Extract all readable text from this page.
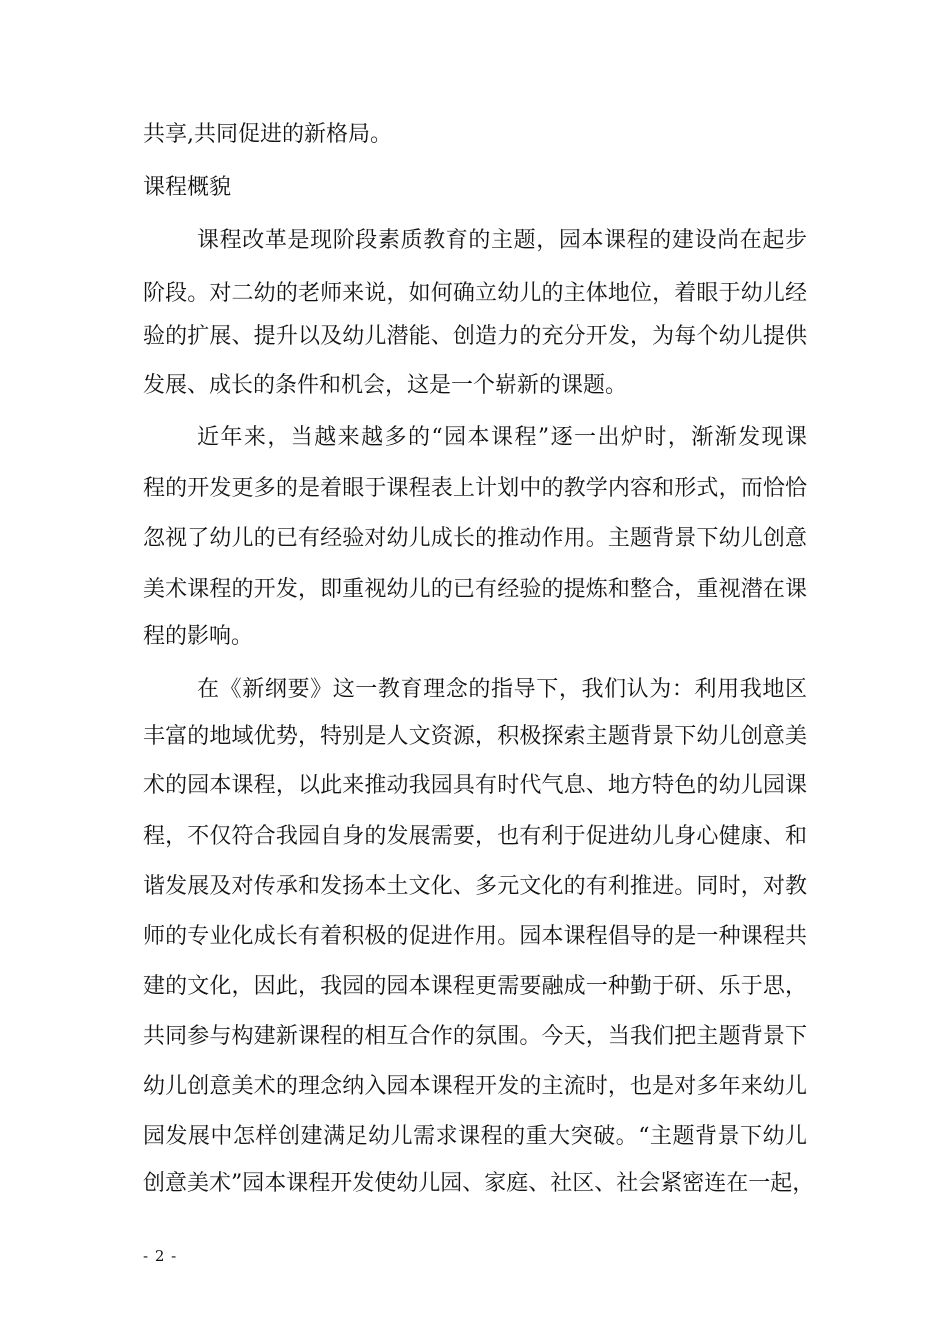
共享,共同促进的新格局。
课程概貌
课程改革是现阶段素质教育的主题，园本课程的建设尚在起步
阶段。对二幼的老师来说，如何确立幼儿的主体地位，着眼于幼儿经
验的扩展、提升以及幼儿潜能、创造力的充分开发，为每个幼儿提供
发展、成长的条件和机会，这是一个崭新的课题。
近年来，当越来越多的“园本课程”逐一出炉时，渐渐发现课
程的开发更多的是着眼于课程表上计划中的教学内容和形式，而恰恰
忽视了幼儿的已有经验对幼儿成长的推动作用。主题背景下幼儿创意
美术课程的开发，即重视幼儿的已有经验的提炼和整合，重视潜在课
程的影响。
在《新纲要》这一教育理念的指导下，我们认为：利用我地区
丰富的地域优势，特别是人文资源，积极探索主题背景下幼儿创意美
术的园本课程，以此来推动我园具有时代气息、地方特色的幼儿园课
程，不仅符合我园自身的发展需要，也有利于促进幼儿身心健康、和
谐发展及对传承和发扬本土文化、多元文化的有利推进。同时，对教
师的专业化成长有着积极的促进作用。园本课程倡导的是一种课程共
建的文化，因此，我园的园本课程更需要融成一种勤于研、乐于思，
共同参与构建新课程的相互合作的氛围。今天，当我们把主题背景下
幼儿创意美术的理念纳入园本课程开发的主流时，也是对多年来幼儿
园发展中怎样创建满足幼儿需求课程的重大突破。“主题背景下幼儿
创意美术”园本课程开发使幼儿园、家庭、社区、社会紧密连在一起，
- 2 -
